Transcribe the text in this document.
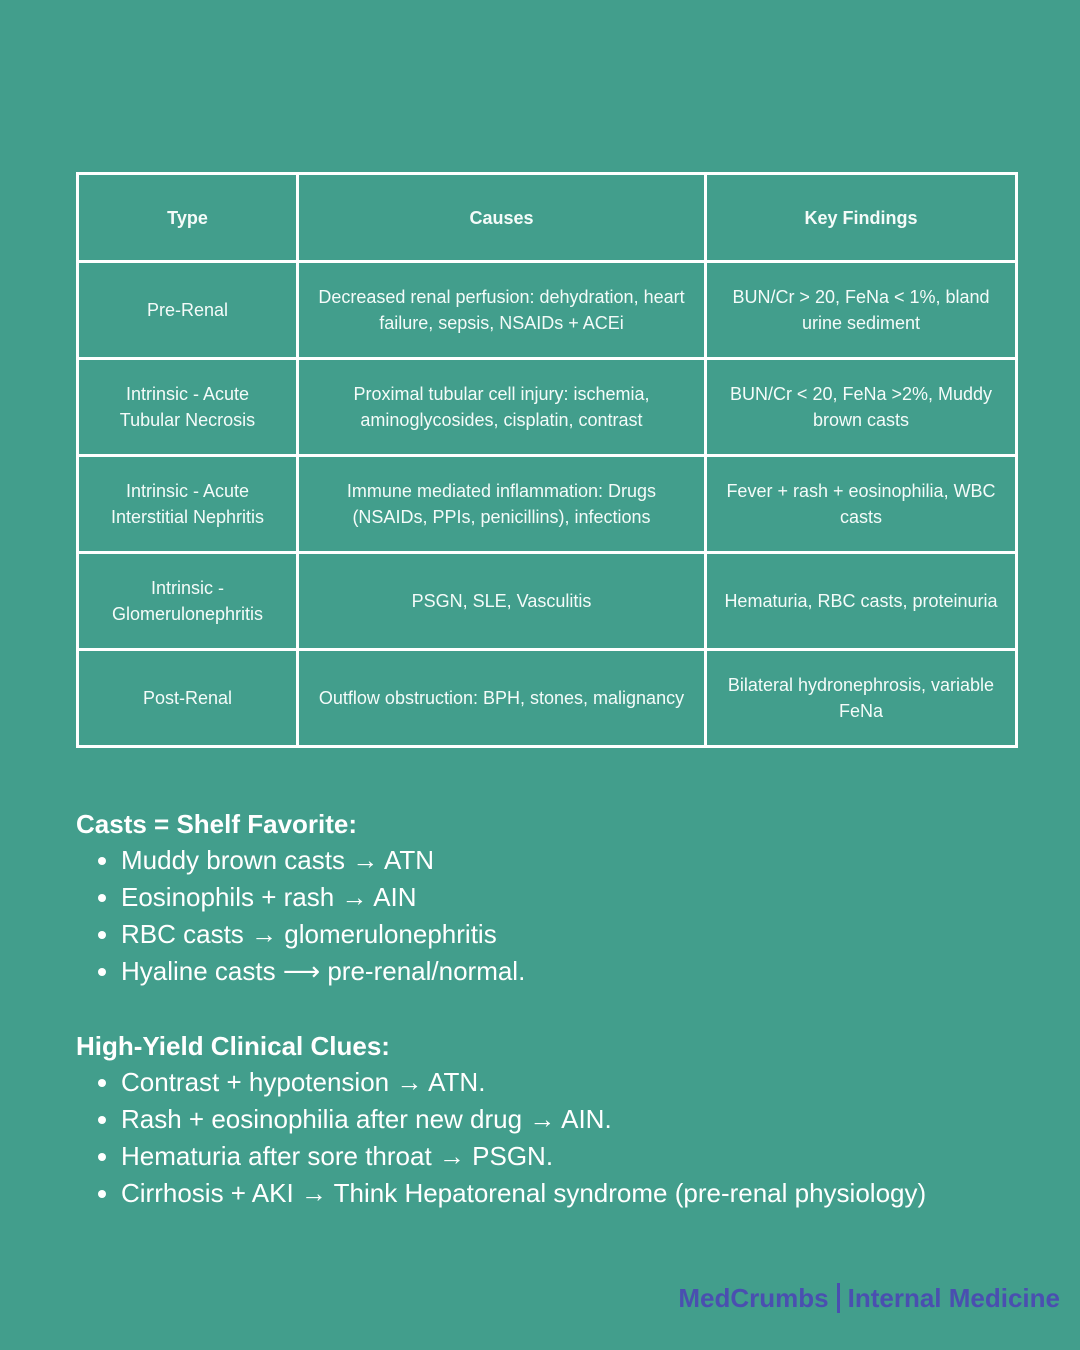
Type	Causes	Key Findings
Pre-Renal	Decreased renal perfusion: dehydration, heart failure, sepsis, NSAIDs + ACEi	BUN/Cr > 20, FeNa < 1%, bland urine sediment
Intrinsic - Acute Tubular Necrosis	Proximal tubular cell injury: ischemia, aminoglycosides, cisplatin, contrast	BUN/Cr < 20, FeNa >2%, Muddy brown casts
Intrinsic - Acute Interstitial Nephritis	Immune mediated inflammation: Drugs (NSAIDs, PPIs, penicillins), infections	Fever + rash + eosinophilia, WBC casts
Intrinsic - Glomerulonephritis	PSGN, SLE, Vasculitis	Hematuria, RBC casts, proteinuria
Post-Renal	Outflow obstruction: BPH, stones, malignancy	Bilateral hydronephrosis, variable FeNa
Casts = Shelf Favorite:
Muddy brown casts → ATN
Eosinophils + rash → AIN
RBC casts → glomerulonephritis
Hyaline casts ⟶ pre-renal/normal.
High-Yield Clinical Clues:
Contrast + hypotension → ATN.
Rash + eosinophilia after new drug → AIN.
Hematuria after sore throat → PSGN.
Cirrhosis + AKI → Think Hepatorenal syndrome (pre-renal physiology)
MedCrumbs Internal Medicine
